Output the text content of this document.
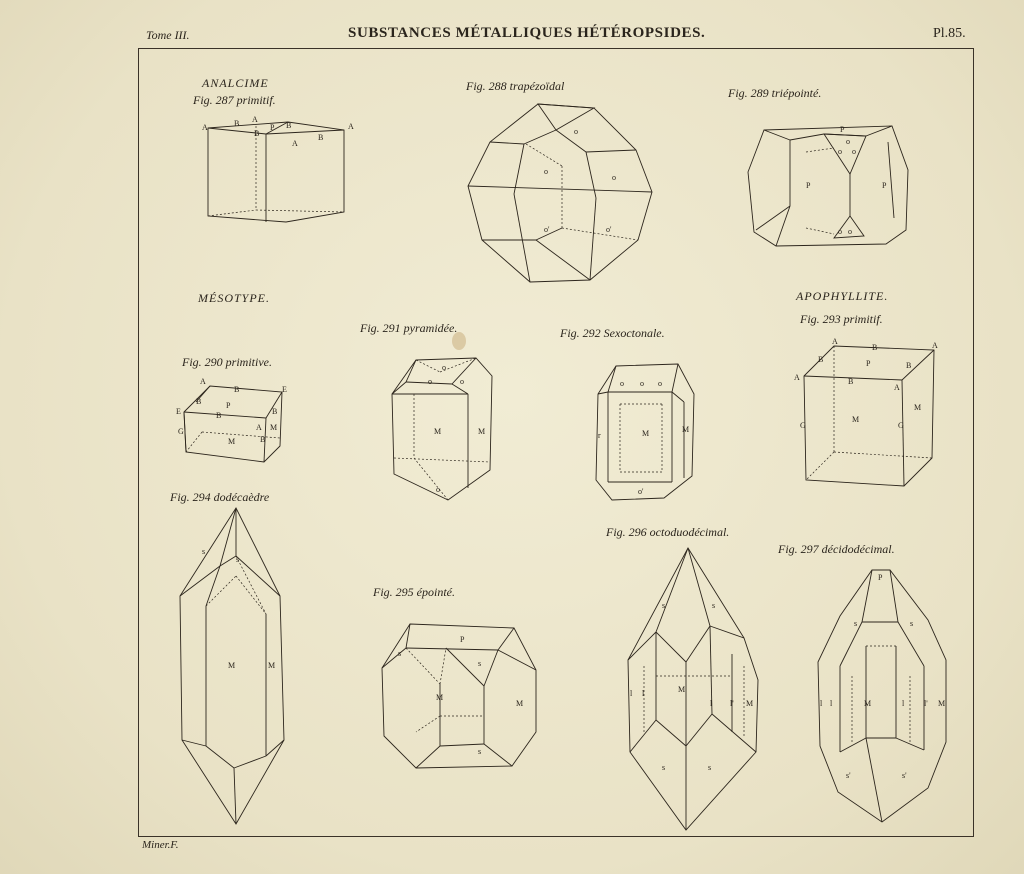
Tome III.	SUBSTANCES MÉTALLIQUES HÉTÉROPSIDES.	Pl.85.
ANALCIME
MÉSOTYPE.	APOPHYLLITE.
Fig. 287 primitif.
Fig. 288 trapézoïdal	Fig. 289 triépointé.
Fig. 290 primitive.
Fig. 291 pyramidée.	Fig. 292 Sexoctonale.
Fig. 293 primitif.
Fig. 294 dodécaèdre
Fig. 295 épointé.
Fig. 296 octoduodécimal.
Fig. 297 décidodécimal.
A	B A
P
B
B
A
B
A
o
o
o
o'	o'
P
o
o o
P	P
o o
A
B	E
B	P
B
E	B
G	A M
M	B
o
o	o
M	M
o
o o o
r	M	M
o'
A
B	A
B	P	B
A	B
A
M
M
G	G
s
s
M	M
P
s
s
M
M
s
s	s
l l	M
l l' M
s	s
P
s	s
l l	M	l l' M
s'	s'
Miner.F.
